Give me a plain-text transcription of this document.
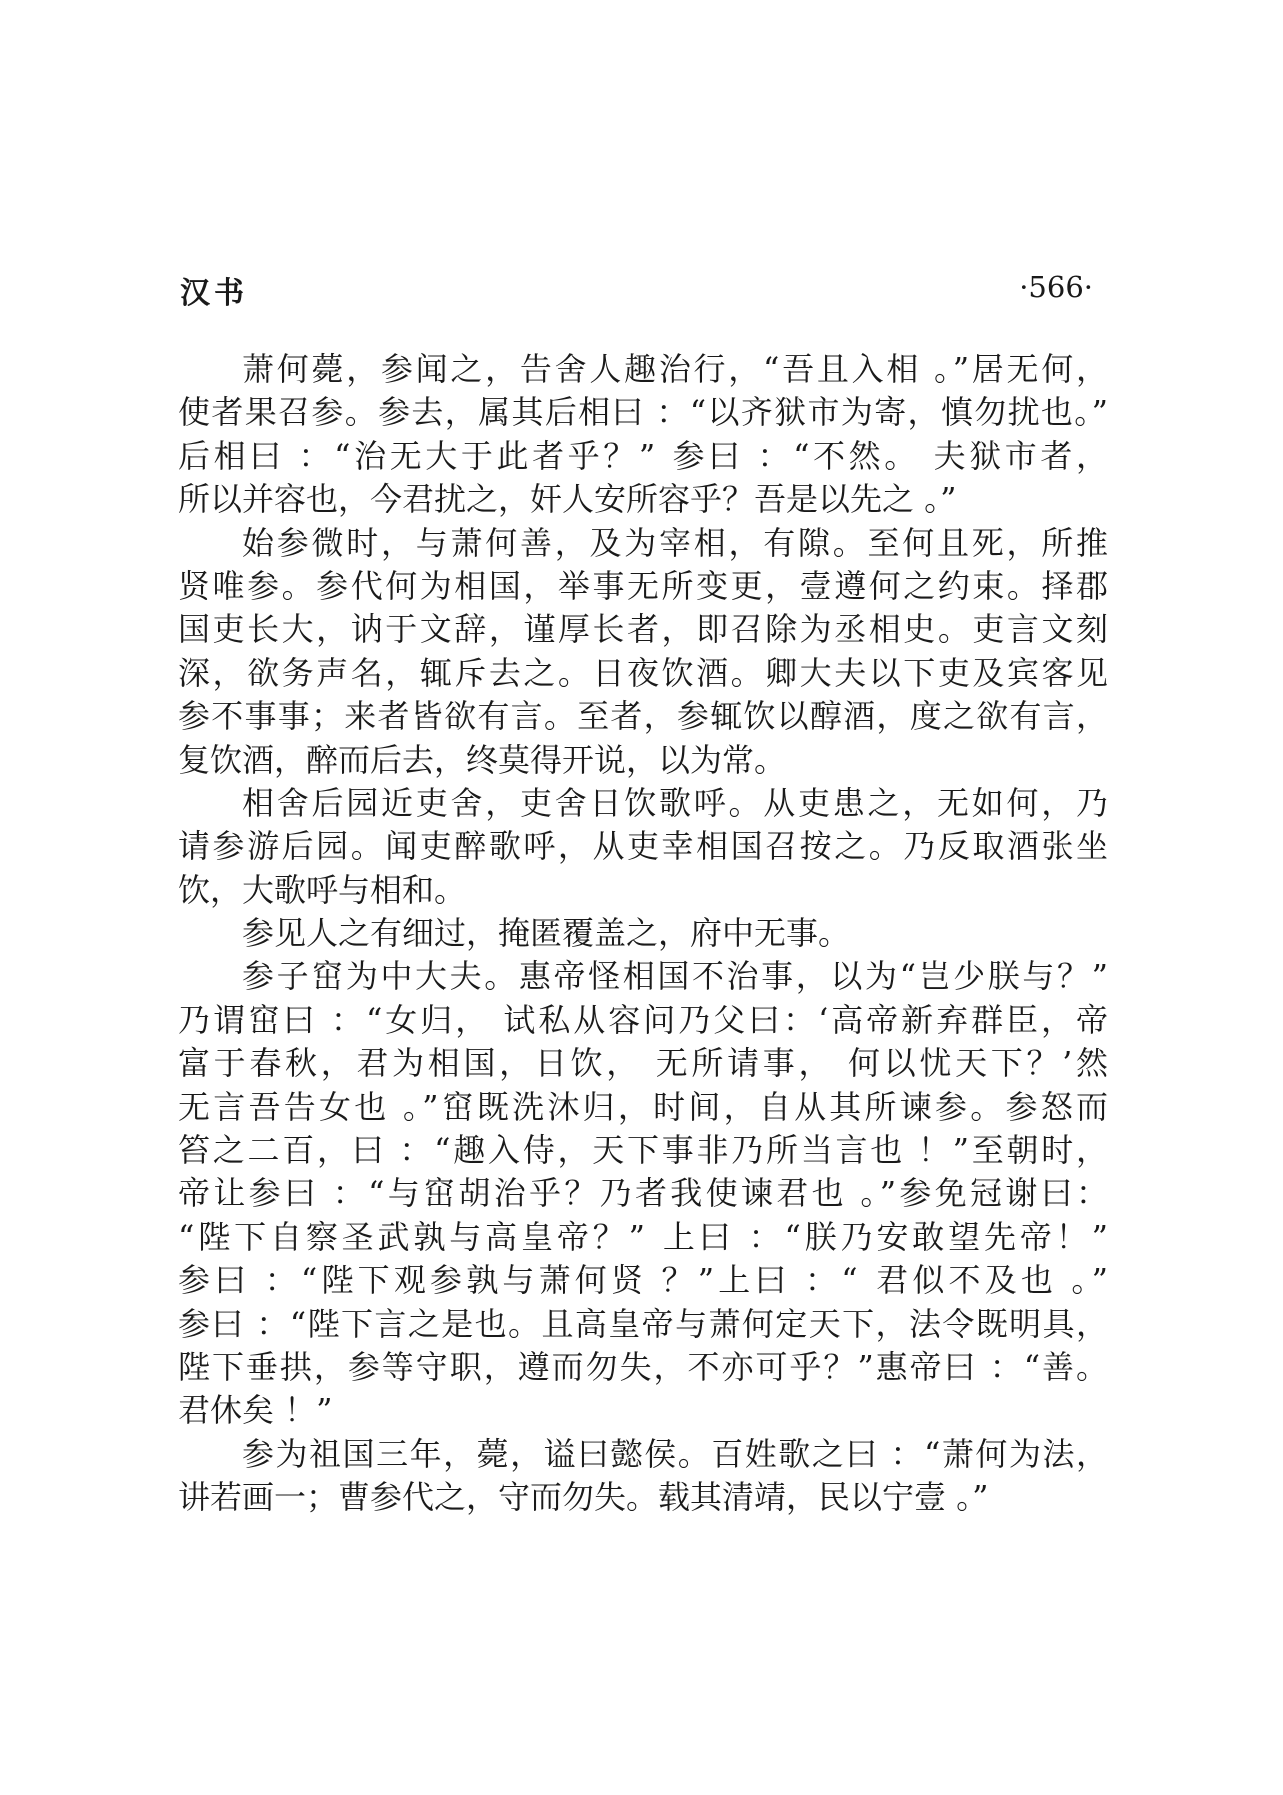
汉书	·566·
萧何薨，参闻之，告舍人趣治行，“吾且入相 。”居无何，
使者果召参。参去，属其后相曰 ：“以齐狱市为寄，慎勿扰也。”
后相曰 ：“治无大于此者乎？” 参曰 ：“不然。 夫狱市者，
所以并容也，今君扰之，奸人安所容乎？吾是以先之 。”
始参微时，与萧何善，及为宰相，有隙。至何且死，所推
贤唯参。参代何为相国，举事无所变更，壹遵何之约束。择郡
国吏长大，讷于文辞，谨厚长者，即召除为丞相史。吏言文刻
深，欲务声名，辄斥去之。日夜饮酒。卿大夫以下吏及宾客见
参不事事；来者皆欲有言。至者，参辄饮以醇酒，度之欲有言，
复饮酒，醉而后去，终莫得开说，以为常。
相舍后园近吏舍，吏舍日饮歌呼。从吏患之，无如何，乃
请参游后园。闻吏醉歌呼，从吏幸相国召按之。乃反取酒张坐
饮，大歌呼与相和。
参见人之有细过，掩匿覆盖之，府中无事。
参子窋为中大夫。惠帝怪相国不治事，以为“岂少朕与？”
乃谓窋曰 ：“女归， 试私从容问乃父曰：‘高帝新弃群臣，帝
富于春秋，君为相国，日饮， 无所请事， 何以忧天下？’然
无言吾告女也 。”窋既洗沐归，时间，自从其所谏参。参怒而
笞之二百，曰 ：“趣入侍，天下事非乃所当言也 ！”至朝时，
帝让参曰 ：“与窋胡治乎？乃者我使谏君也 。”参免冠谢曰：
“陛下自察圣武孰与高皇帝？” 上曰 ：“朕乃安敢望先帝！”
参曰 ：“陛下观参孰与萧何贤 ？”上曰 ：“ 君似不及也 。”
参曰 ：“陛下言之是也。且高皇帝与萧何定天下，法令既明具，
陛下垂拱，参等守职，遵而勿失，不亦可乎？”惠帝曰 ：“善。
君休矣 ！”
参为祖国三年，薨，谥曰懿侯。百姓歌之曰 ：“萧何为法，
讲若画一；曹参代之，守而勿失。载其清靖，民以宁壹 。”
